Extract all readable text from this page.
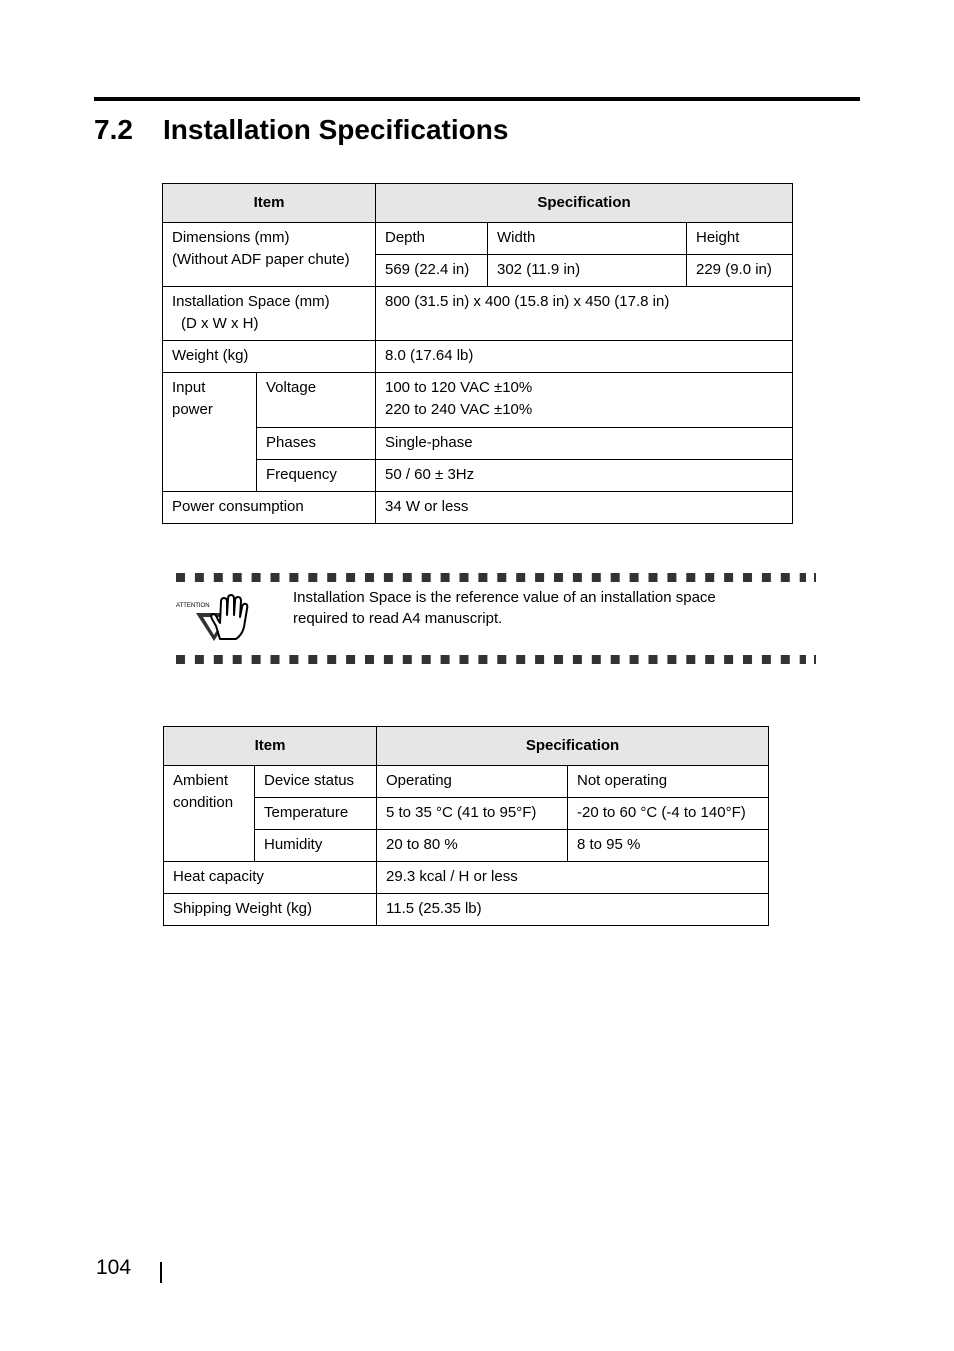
7.2 Installation Specifications
Item		Specification		

Dimensions (mm)
(Without ADF paper chute)		Depth	Width	Height
		569 (22.4 in)	302 (11.9 in)	229 (9.0 in)

Installation Space (mm)
(D x W x H)		800 (31.5 in) x 400 (15.8 in) x 450 (17.8 in)		
Weight (kg)		8.0 (17.64 lb)		

Input
power	Voltage	100 to 120 VAC ±10%
220 to 240 VAC ±10%		

	Phases	Single-phase		
	Frequency	50 / 60 ± 3Hz		
Power consumption		34 W or less		
ATTENTION	Installation Space is the reference value of an installation space
required to read A4 manuscript.
Item		Specification	

Ambient
condition	Device status	Operating	Not operating
	Temperature	5 to 35 °C (41 to 95°F)	-20 to 60 °C (-4 to 140°F)
	Humidity	20 to 80 %	8 to 95 %
Heat capacity		29.3 kcal / H or less	
Shipping Weight (kg)		11.5 (25.35 lb)	
104
